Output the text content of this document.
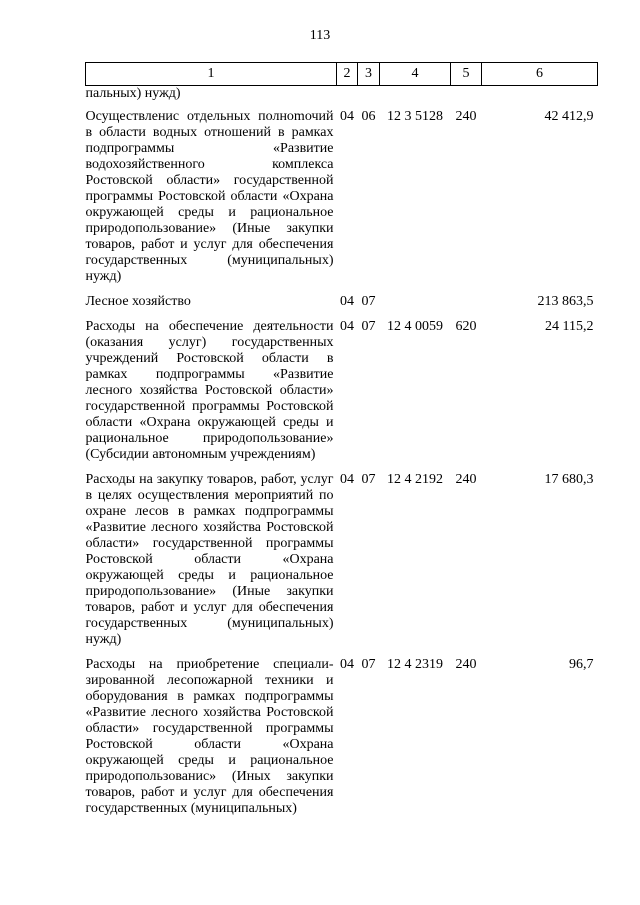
113
1	2	3	4	5	6
пальных) нужд)					
Осуществлениc отдельных полноmочий в области водных отношений в рамках подпрограммы «Развитие водохозяйственного комплекса Ростовской области» государственной программы Ростовской области «Охрана окружающей среды и рациональное природопользование» (Иные закупки товаров, работ и услуг для обеспечения государственных (муниципальных) нужд)	04	06	12 3 5128	240	42 412,9
Лесное хозяйство	04	07			213 863,5
Расходы на обеспечение деятельности (оказания услуг) государственных учреждений Ростовской области в рамках подпрограммы «Развитие лесного хозяйства Ростовской области» государственной программы Ростовской области «Охрана окружающей среды и рациональное природопользование» (Субсидии автономным учреждениям)	04	07	12 4 0059	620	24 115,2
Расходы на закупку товаров, работ, услуг в целях осуществления мероприятий по охране лесов в рамках подпрограммы «Развитие лесного хозяйства Ростовской области» государственной программы Ростовской области «Охрана окружающей среды и рациональное природопользование» (Иные закупки товаров, работ и услуг для обеспечения государственных (муниципальных) нужд)	04	07	12 4 2192	240	17 680,3
Расходы на приобретение специализированной лесопожарной техники и оборудования в рамках подпрограммы «Развитие лесного хозяйства Ростовской области» государственной программы Ростовской области «Охрана окружающей среды и рациональное природопользованис» (Иных закупки товаров, работ и услуг для обеспечения государственных (муниципальных)	04	07	12 4 2319	240	96,7
